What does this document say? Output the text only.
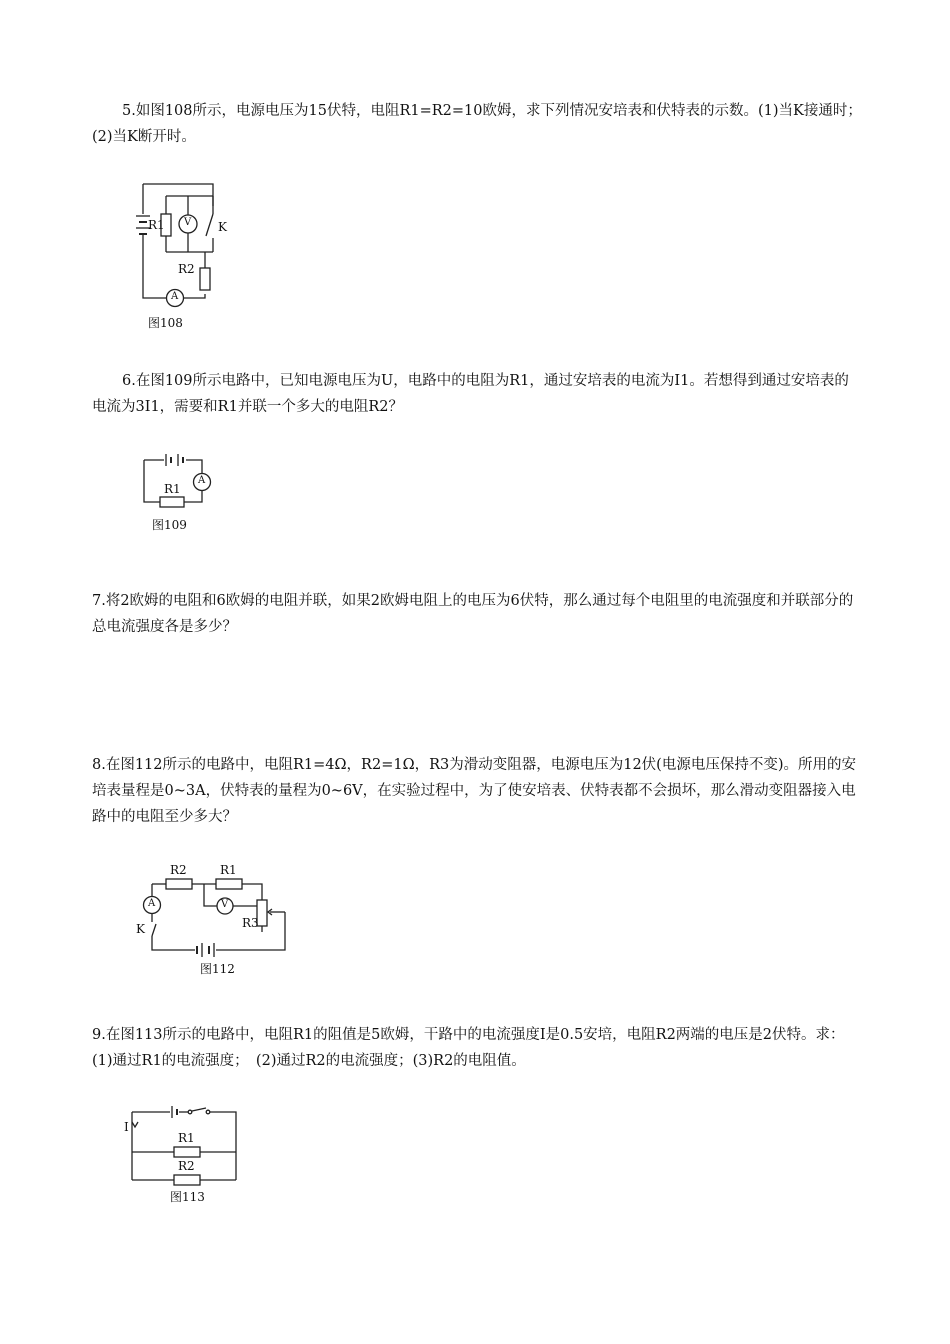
5.如图108所示，电源电压为15伏特，电阻R1=R2=10欧姆，求下列情况安培表和伏特表的示数。(1)当K接通时；(2)当K断开时。

R1 V K
R2
A
图108

6.在图109所示电路中，已知电源电压为U，电路中的电阻为R1，通过安培表的电流为I1。若想得到通过安培表的电流为3I1，需要和R1并联一个多大的电阻R2？

R1
A
图109

7.将2欧姆的电阻和6欧姆的电阻并联，如果2欧姆电阻上的电压为6伏特，那么通过每个电阻里的电流强度和并联部分的总电流强度各是多少？

8.在图112所示的电路中，电阻R1=4Ω，R2=1Ω，R3为滑动变阻器，电源电压为12伏(电源电压保持不变)。所用的安培表量程是0~3A，伏特表的量程为0~6V，在实验过程中，为了使安培表、伏特表都不会损坏，那么滑动变阻器接入电路中的电阻至少多大？

R2	R1
V
R3
A
K
图112

9.在图113所示的电路中，电阻R1的阻值是5欧姆，干路中的电流强度I是0.5安培，电阻R2两端的电压是2伏特。求：(1)通过R1的电流强度；　(2)通过R2的电流强度；(3)R2的电阻值。

I
R1
R2
图113
